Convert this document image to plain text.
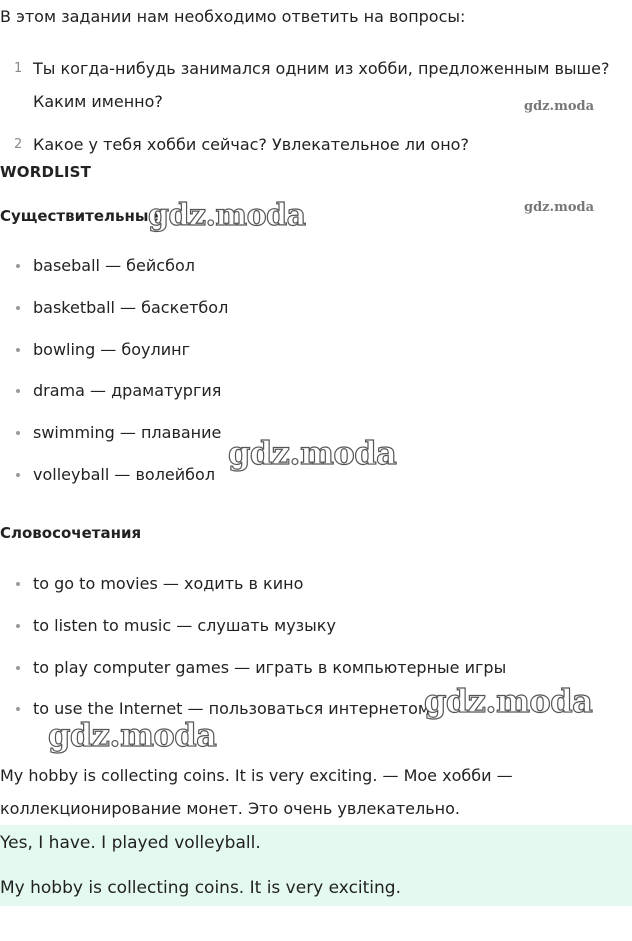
В этом задании нам необходимо ответить на вопросы:
1 Ты когда-нибудь занимался одним из хобби, предложенным выше? Каким именно?
2 Какое у тебя хобби сейчас? Увлекательное ли оно?
WORDLIST
Существительные
baseball — бейсбол
basketball — баскетбол
bowling — боулинг
drama — драматургия
swimming — плавание
volleyball — волейбол
Словосочетания
to go to movies — ходить в кино
to listen to music — слушать музыку
to play computer games — играть в компьютерные игры
to use the Internet — пользоваться интернетом
My hobby is collecting coins. It is very exciting. — Мое хобби — коллекционирование монет. Это очень увлекательно.
Yes, I have. I played volleyball.
My hobby is collecting coins. It is very exciting.
gdz.moda
gdz.moda
gdz.moda
gdz.moda
gdz.moda
gdz.moda
